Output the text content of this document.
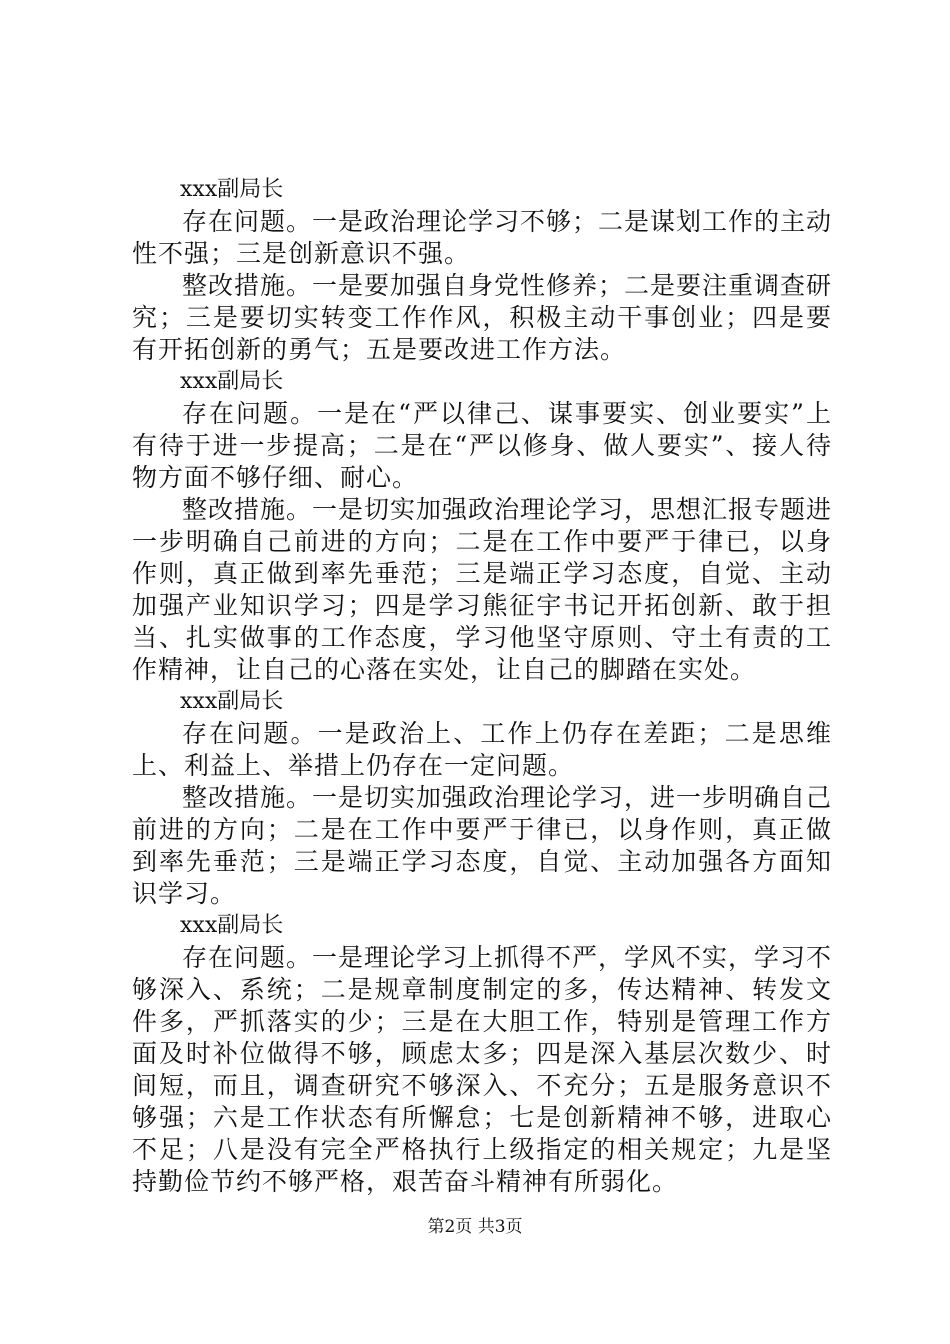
xxx副局长

存在问题。一是政治理论学习不够；二是谋划工作的主动性不强；三是创新意识不强。

整改措施。一是要加强自身党性修养；二是要注重调查研究；三是要切实转变工作作风，积极主动干事创业；四是要有开拓创新的勇气；五是要改进工作方法。

xxx副局长

存在问题。一是在“严以律己、谋事要实、创业要实”上有待于进一步提高；二是在“严以修身、做人要实”、接人待物方面不够仔细、耐心。

整改措施。一是切实加强政治理论学习，思想汇报专题进一步明确自己前进的方向；二是在工作中要严于律已，以身作则，真正做到率先垂范；三是端正学习态度，自觉、主动加强产业知识学习；四是学习熊征宇书记开拓创新、敢于担当、扎实做事的工作态度，学习他坚守原则、守土有责的工作精神，让自己的心落在实处，让自己的脚踏在实处。

xxx副局长

存在问题。一是政治上、工作上仍存在差距；二是思维上、利益上、举措上仍存在一定问题。

整改措施。一是切实加强政治理论学习，进一步明确自己前进的方向；二是在工作中要严于律已，以身作则，真正做到率先垂范；三是端正学习态度，自觉、主动加强各方面知识学习。

xxx副局长

存在问题。一是理论学习上抓得不严，学风不实，学习不够深入、系统；二是规章制度制定的多，传达精神、转发文件多，严抓落实的少；三是在大胆工作，特别是管理工作方面及时补位做得不够，顾虑太多；四是深入基层次数少、时间短，而且，调查研究不够深入、不充分；五是服务意识不够强；六是工作状态有所懈怠；七是创新精神不够，进取心不足；八是没有完全严格执行上级指定的相关规定；九是坚持勤俭节约不够严格，艰苦奋斗精神有所弱化。

第2页 共3页
